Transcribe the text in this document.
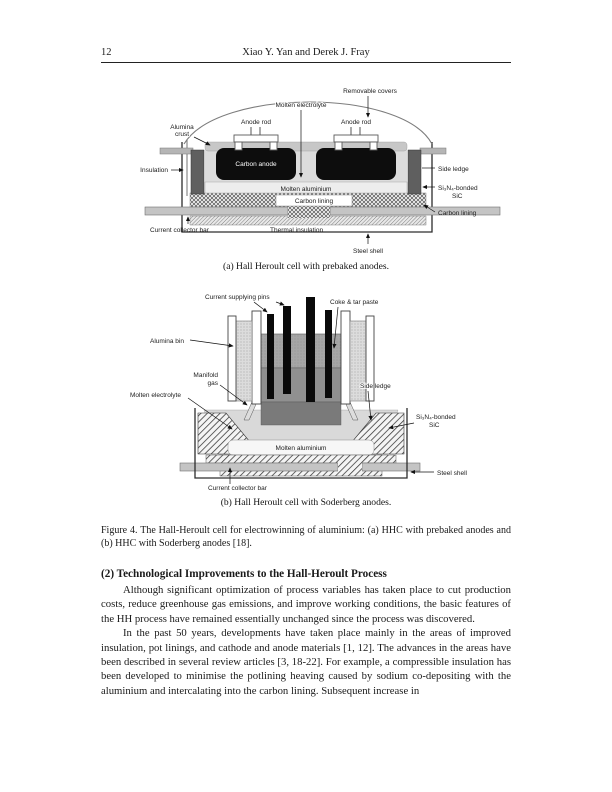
12	Xiao Y. Yan and Derek J. Fray
Removable covers
Molten electrolyte
Anode rod	Anode rod
Alumina
crust
Insulation
Carbon anode
Molten aluminium
Carbon lining
Side ledge
Si₃N₄-bonded
SiC
Carbon lining
Current collector bar	Thermal insulation
Steel shell
(a) Hall Heroult cell with prebaked anodes.
Current supplying pins
Coke & tar paste
Alumina bin
Manifold
gas
Molten electrolyte
Side ledge
Si₃N₄-bonded
SiC
Molten aluminium
Steel shell
Current collector bar
(b) Hall Heroult cell with Soderberg anodes.
Figure 4. The Hall-Heroult cell for electrowinning of aluminium: (a) HHC with prebaked anodes and (b) HHC with Soderberg anodes [18].
(2) Technological Improvements to the Hall-Heroult Process

Although significant optimization of process variables has taken place to cut production costs, reduce greenhouse gas emissions, and improve working conditions, the basic features of the HH process have remained essentially unchanged since the process was discovered.

In the past 50 years, developments have taken place mainly in the areas of improved insulation, pot linings, and cathode and anode materials [1, 12]. The advances in the areas have been described in several review articles [3, 18-22]. For example, a compressible insulation has been developed to minimise the potlining heaving caused by sodium co-depositing with the aluminium and intercalating into the carbon lining. Subsequent increase in
